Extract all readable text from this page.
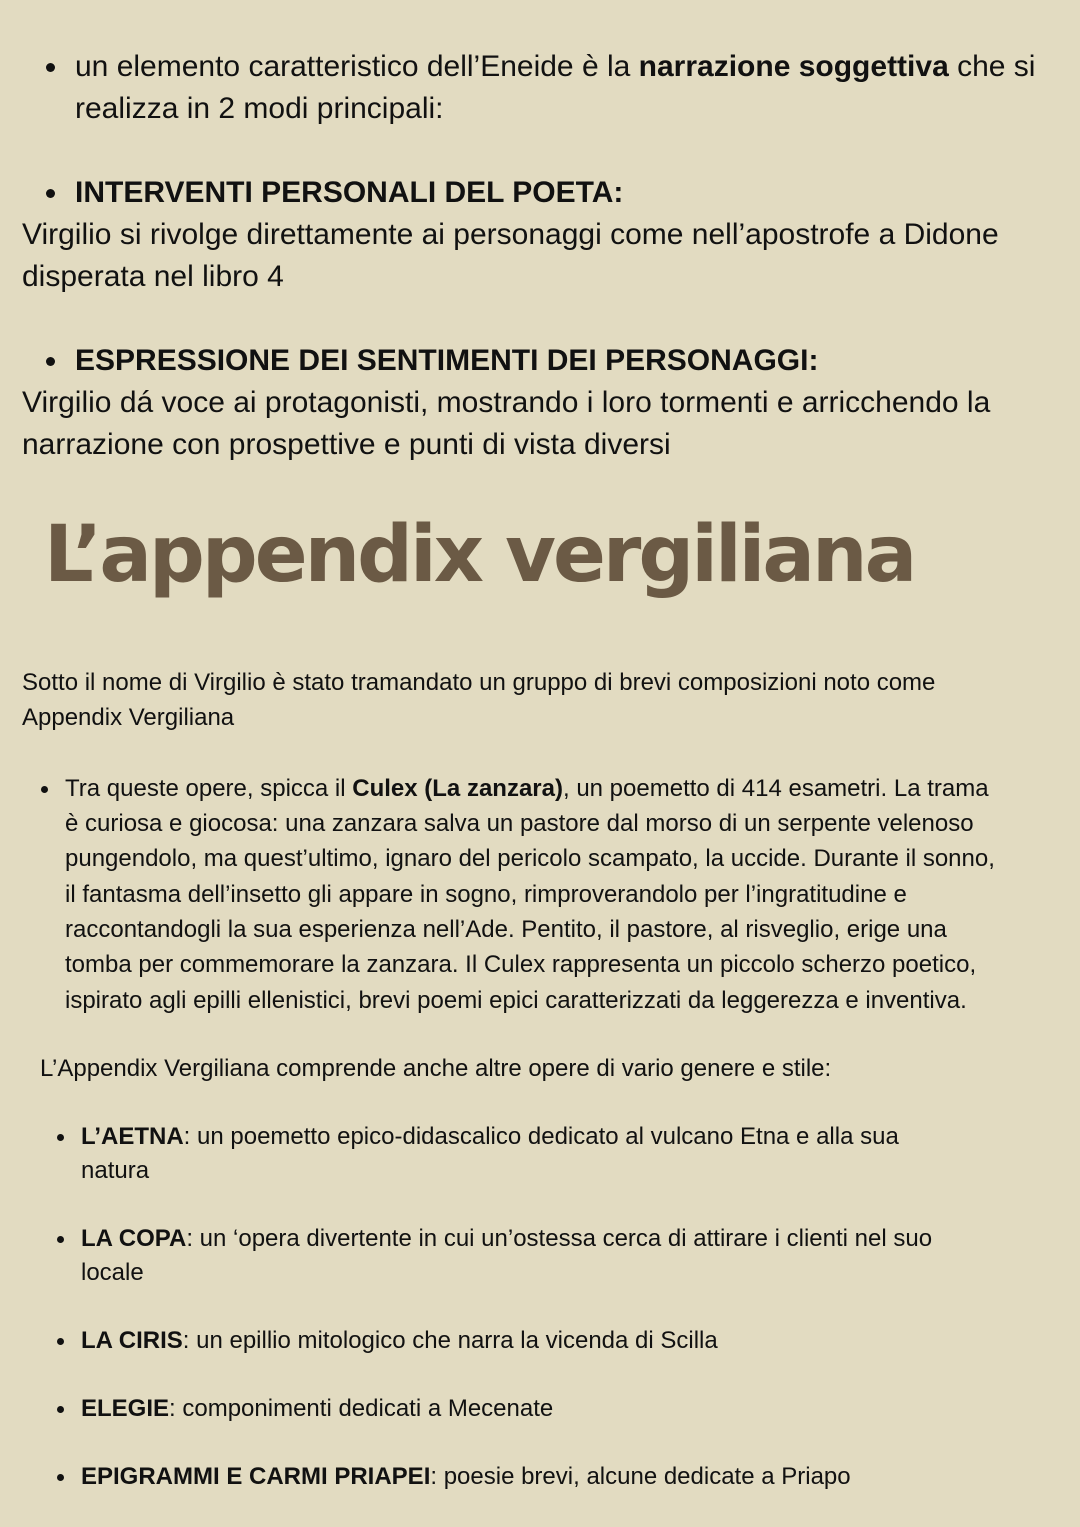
un elemento caratteristico dell’Eneide è la narrazione soggettiva che si
realizza in 2 modi principali:
INTERVENTI PERSONALI DEL POETA:
Virgilio si rivolge direttamente ai personaggi come nell’apostrofe a Didone
disperata nel libro 4
ESPRESSIONE DEI SENTIMENTI DEI PERSONAGGI:
Virgilio dá voce ai protagonisti, mostrando i loro tormenti e arricchendo la
narrazione con prospettive e punti di vista diversi
L’appendix vergiliana
Sotto il nome di Virgilio è stato tramandato un gruppo di brevi composizioni noto come
Appendix Vergiliana
Tra queste opere, spicca il Culex (La zanzara), un poemetto di 414 esametri. La trama
è curiosa e giocosa: una zanzara salva un pastore dal morso di un serpente velenoso
pungendolo, ma quest’ultimo, ignaro del pericolo scampato, la uccide. Durante il sonno,
il fantasma dell’insetto gli appare in sogno, rimproverandolo per l’ingratitudine e
raccontandogli la sua esperienza nell’Ade. Pentito, il pastore, al risveglio, erige una
tomba per commemorare la zanzara. Il Culex rappresenta un piccolo scherzo poetico,
ispirato agli epilli ellenistici, brevi poemi epici caratterizzati da leggerezza e inventiva.
L’Appendix Vergiliana comprende anche altre opere di vario genere e stile:
L’AETNA: un poemetto epico-didascalico dedicato al vulcano Etna e alla sua
natura
LA COPA: un ‘opera divertente in cui un’ostessa cerca di attirare i clienti nel suo
locale
LA CIRIS: un epillio mitologico che narra la vicenda di Scilla
ELEGIE: componimenti dedicati a Mecenate
EPIGRAMMI E CARMI PRIAPEI: poesie brevi, alcune dedicate a Priapo
